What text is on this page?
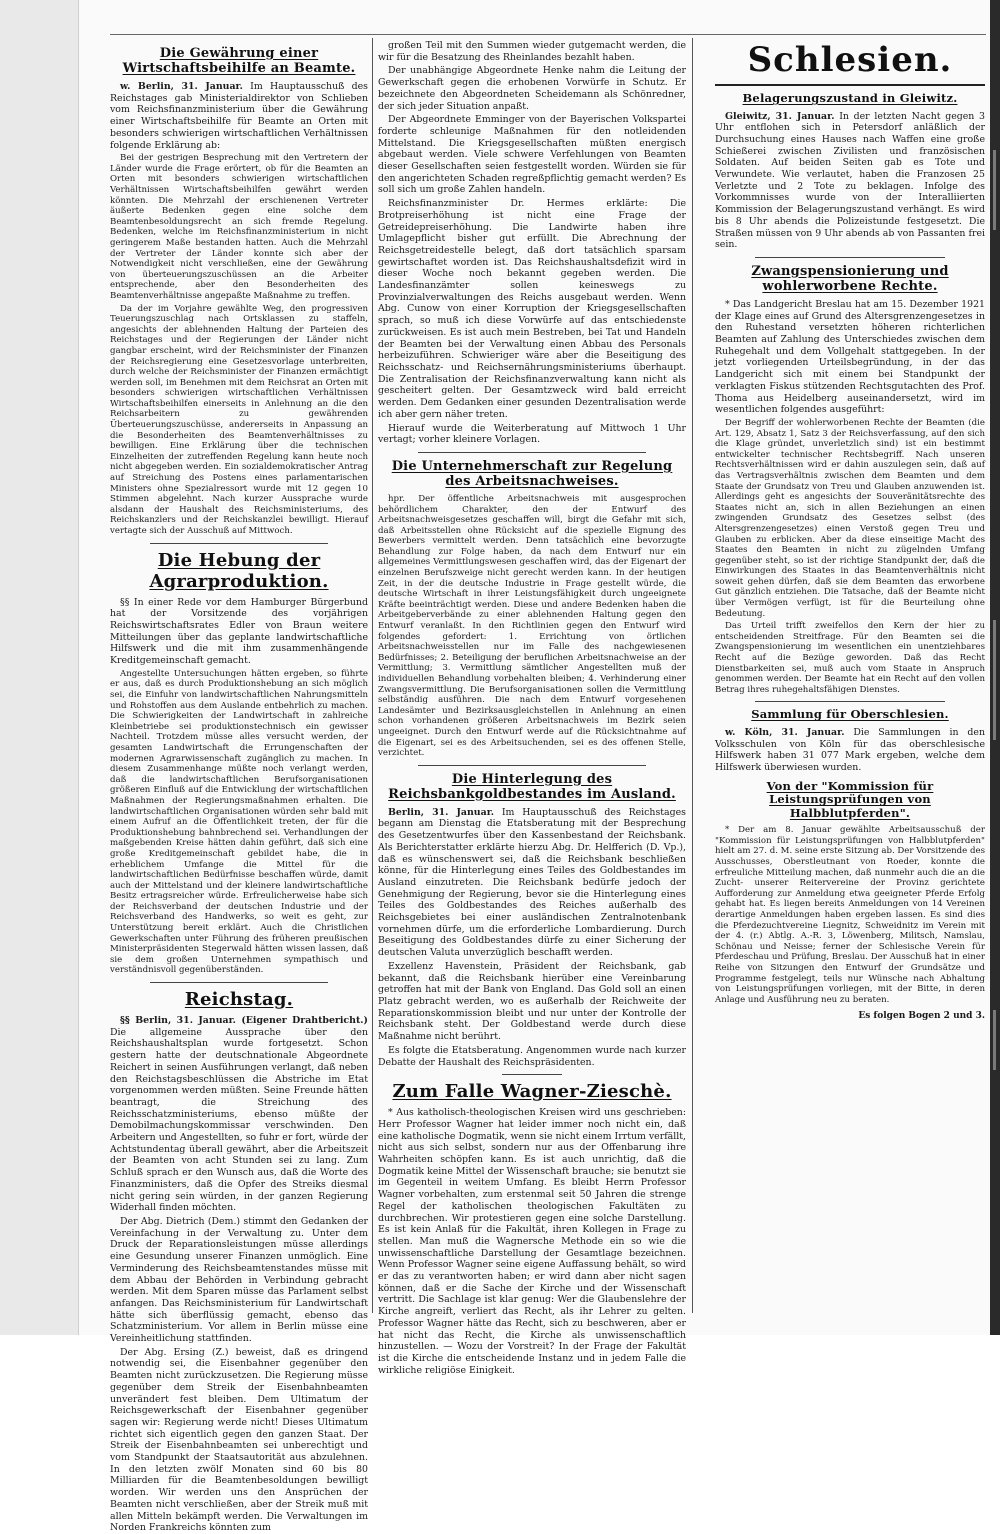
Die Gewährung einer Wirtschaftsbeihilfe an Beamte.

w. Berlin, 31. Januar. Im Hauptausschuß des Reichstages gab Ministerialdirektor von Schlieben vom Reichsfinanzministerium über die Gewährung einer Wirtschaftsbeihilfe für Beamte an Orten mit besonders schwierigen wirtschaftlichen Verhältnissen folgende Erklärung ab:

Bei der gestrigen Besprechung mit den Vertretern der Länder wurde die Frage erörtert, ob für die Beamten an Orten mit besonders schwierigen wirtschaftlichen Verhältnissen Wirtschaftsbeihilfen gewährt werden könnten. Die Mehrzahl der erschienenen Vertreter äußerte Bedenken gegen eine solche dem Beamtenbesoldungsrecht an sich fremde Regelung. Bedenken, welche im Reichsfinanzministerium in nicht geringerem Maße bestanden hatten. Auch die Mehrzahl der Vertreter der Länder konnte sich aber der Notwendigkeit nicht verschließen, eine der Gewährung von überteuerungszuschüssen an die Arbeiter entsprechende, aber den Besonderheiten des Beamtenverhältnisse angepaßte Maßnahme zu treffen.

Da der im Vorjahre gewählte Weg, den progressiven Teuerungszuschlag nach Ortsklassen zu staffeln, angesichts der ablehnenden Haltung der Parteien des Reichstages und der Regierungen der Länder nicht gangbar erscheint, wird der Reichsminister der Finanzen der Reichsregierung eine Gesetzesvorlage unterbreiten, durch welche der Reichsminister der Finanzen ermächtigt werden soll, im Benehmen mit dem Reichsrat an Orten mit besonders schwierigen wirtschaftlichen Verhältnissen Wirtschaftsbeihilfen einerseits in Anlehnung an die den Reichsarbeitern zu gewährenden Überteuerungszuschüsse, andererseits in Anpassung an die Besonderheiten des Beamtenverhältnisses zu bewilligen. Eine Erklärung über die technischen Einzelheiten der zutreffenden Regelung kann heute noch nicht abgegeben werden. Ein sozialdemokratischer Antrag auf Streichung des Postens eines parlamentarischen Ministers ohne Spezialressort wurde mit 12 gegen 10 Stimmen abgelehnt. Nach kurzer Aussprache wurde alsdann der Haushalt des Reichsministeriums, des Reichskanzlers und der Reichskanzlei bewilligt. Hierauf vertagte sich der Ausschuß auf Mittwoch.

Die Hebung der Agrarproduktion.

§§ In einer Rede vor dem Hamburger Bürgerbund hat der Vorsitzende des vorjährigen Reichswirtschaftsrates Edler von Braun weitere Mitteilungen über das geplante landwirtschaftliche Hilfswerk und die mit ihm zusammenhängende Kreditgemeinschaft gemacht.

Angestellte Untersuchungen hätten ergeben, so führte er aus, daß es durch Produktionshebung an sich möglich sei, die Einfuhr von landwirtschaftlichen Nahrungsmitteln und Rohstoffen aus dem Auslande entbehrlich zu machen. Die Schwierigkeiten der Landwirtschaft in zahlreiche Kleinbetriebe sei produktionstechnisch ein gewisser Nachteil. Trotzdem müsse alles versucht werden, der gesamten Landwirtschaft die Errungenschaften der modernen Agrarwissenschaft zugänglich zu machen. In diesem Zusammenhange müßte noch verlangt werden, daß die landwirtschaftlichen Berufsorganisationen größeren Einfluß auf die Entwicklung der wirtschaftlichen Maßnahmen der Regierungsmaßnahmen erhalten. Die landwirtschaftlichen Organisationen würden sehr bald mit einem Aufruf an die Öffentlichkeit treten, der für die Produktionshebung bahnbrechend sei. Verhandlungen der maßgebenden Kreise hätten dahin geführt, daß sich eine große Kreditgemeinschaft gebildet habe, die in erheblichem Umfange die Mittel für die landwirtschaftlichen Bedürfnisse beschaffen würde, damit auch der Mittelstand und der kleinere landwirtschaftliche Besitz ertragsreicher würde. Erfreulicherweise habe sich der Reichsverband der deutschen Industrie und der Reichsverband des Handwerks, so weit es geht, zur Unterstützung bereit erklärt. Auch die Christlichen Gewerkschaften unter Führung des früheren preußischen Ministerpräsidenten Stegerwald hätten wissen lassen, daß sie dem großen Unternehmen sympathisch und verständnisvoll gegenüberständen.

Reichstag.

§§ Berlin, 31. Januar. (Eigener Drahtbericht.) Die allgemeine Aussprache über den Reichshaushaltsplan wurde fortgesetzt. Schon gestern hatte der deutschnationale Abgeordnete Reichert in seinen Ausführungen verlangt, daß neben den Reichstagsbeschlüssen die Abstriche im Etat vorgenommen werden müßten. Seine Freunde hätten beantragt, die Streichung des Reichsschatzministeriums, ebenso müßte der Demobilmachungskommissar verschwinden. Den Arbeitern und Angestellten, so fuhr er fort, würde der Achtstundentag überall gewährt, aber die Arbeitszeit der Beamten von acht Stunden sei zu lang. Zum Schluß sprach er den Wunsch aus, daß die Worte des Finanzministers, daß die Opfer des Streiks diesmal nicht gering sein würden, in der ganzen Regierung Widerhall finden möchten.

Der Abg. Dietrich (Dem.) stimmt den Gedanken der Vereinfachung in der Verwaltung zu. Unter dem Druck der Reparationsleistungen müsse allerdings eine Gesundung unserer Finanzen unmöglich. Eine Verminderung des Reichsbeamtenstandes müsse mit dem Abbau der Behörden in Verbindung gebracht werden. Mit dem Sparen müsse das Parlament selbst anfangen. Das Reichsministerium für Landwirtschaft hätte sich überflüssig gemacht, ebenso das Schatzministerium. Vor allem in Berlin müsse eine Vereinheitlichung stattfinden.

Der Abg. Ersing (Z.) beweist, daß es dringend notwendig sei, die Eisenbahner gegenüber den Beamten nicht zurückzusetzen. Die Regierung müsse gegenüber dem Streik der Eisenbahnbeamten unverändert fest bleiben. Dem Ultimatum der Reichsgewerkschaft der Eisenbahner gegenüber sagen wir: Regierung werde nicht! Dieses Ultimatum richtet sich eigentlich gegen den ganzen Staat. Der Streik der Eisenbahnbeamten sei unberechtigt und vom Standpunkt der Staatsautorität aus abzulehnen. In den letzten zwölf Monaten sind 60 bis 80 Milliarden für die Beamtenbesoldungen bewilligt worden. Wir werden uns den Ansprüchen der Beamten nicht verschließen, aber der Streik muß mit allen Mitteln bekämpft werden. Die Verwaltungen im Norden Frankreichs könnten zum

großen Teil mit den Summen wieder gutgemacht werden, die wir für die Besatzung des Rheinlandes bezahlt haben.

Der unabhängige Abgeordnete Henke nahm die Leitung der Gewerkschaft gegen die erhobenen Vorwürfe in Schutz. Er bezeichnete den Abgeordneten Scheidemann als Schönredner, der sich jeder Situation anpaßt.

Der Abgeordnete Emminger von der Bayerischen Volkspartei forderte schleunige Maßnahmen für den notleidenden Mittelstand. Die Kriegsgesellschaften müßten energisch abgebaut werden. Viele schwere Verfehlungen von Beamten dieser Gesellschaften seien festgestellt worden. Würden sie für den angerichteten Schaden regreßpflichtig gemacht werden? Es soll sich um große Zahlen handeln.

Reichsfinanzminister Dr. Hermes erklärte: Die Brotpreiserhöhung ist nicht eine Frage der Getreidepreiserhöhung. Die Landwirte haben ihre Umlagepflicht bisher gut erfüllt. Die Abrechnung der Reichsgetreidestelle belegt, daß dort tatsächlich sparsam gewirtschaftet worden ist. Das Reichshaushaltsdefizit wird in dieser Woche noch bekannt gegeben werden. Die Landesfinanzämter sollen keineswegs zu Provinzialverwaltungen des Reichs ausgebaut werden. Wenn Abg. Cunow von einer Korruption der Kriegsgesellschaften sprach, so muß ich diese Vorwürfe auf das entschiedenste zurückweisen. Es ist auch mein Bestreben, bei Tat und Handeln der Beamten bei der Verwaltung einen Abbau des Personals herbeizuführen. Schwieriger wäre aber die Beseitigung des Reichsschatz- und Reichsernährungsministeriums überhaupt. Die Zentralisation der Reichsfinanzverwaltung kann nicht als gescheitert gelten. Der Gesamtzweck wird bald erreicht werden. Dem Gedanken einer gesunden Dezentralisation werde ich aber gern näher treten.

Hierauf wurde die Weiterberatung auf Mittwoch 1 Uhr vertagt; vorher kleinere Vorlagen.

Die Unternehmerschaft zur Regelung des Arbeitsnachweises.

hpr. Der öffentliche Arbeitsnachweis mit ausgesprochen behördlichem Charakter, den der Entwurf des Arbeitsnachweisgesetzes geschaffen will, birgt die Gefahr mit sich, daß Arbeitsstellen ohne Rücksicht auf die spezielle Eignung des Bewerbers vermittelt werden. Denn tatsächlich eine bevorzugte Behandlung zur Folge haben, da nach dem Entwurf nur ein allgemeines Vermittlungswesen geschaffen wird, das der Eigenart der einzelnen Berufszweige nicht gerecht werden kann. In der heutigen Zeit, in der die deutsche Industrie in Frage gestellt würde, die deutsche Wirtschaft in ihrer Leistungsfähigkeit durch ungeeignete Kräfte beeinträchtigt werden. Diese und andere Bedenken haben die Arbeitgeberverbände zu einer ablehnenden Haltung gegen den Entwurf veranlaßt. In den Richtlinien gegen den Entwurf wird folgendes gefordert: 1. Errichtung von örtlichen Arbeitsnachweisstellen nur im Falle des nachgewiesenen Bedürfnisses; 2. Beteiligung der beruflichen Arbeitsnachweise an der Vermittlung; 3. Vermittlung sämtlicher Angestellten muß der individuellen Behandlung vorbehalten bleiben; 4. Verhinderung einer Zwangsvermittlung. Die Berufsorganisationen sollen die Vermittlung selbständig ausführen. Die nach dem Entwurf vorgesehenen Landesämter und Bezirksausgleichstellen in Anlehnung an einen schon vorhandenen größeren Arbeitsnachweis im Bezirk seien ungeeignet. Durch den Entwurf werde auf die Rücksichtnahme auf die Eigenart, sei es des Arbeitsuchenden, sei es des offenen Stelle, verzichtet.

Die Hinterlegung des Reichsbankgoldbestandes im Ausland.

Berlin, 31. Januar. Im Hauptausschuß des Reichstages begann am Dienstag die Etatsberatung mit der Besprechung des Gesetzentwurfes über den Kassenbestand der Reichsbank. Als Berichterstatter erklärte hierzu Abg. Dr. Helfferich (D. Vp.), daß es wünschenswert sei, daß die Reichsbank beschließen könne, für die Hinterlegung eines Teiles des Goldbestandes im Ausland einzutreten. Die Reichsbank bedürfe jedoch der Genehmigung der Regierung, bevor sie die Hinterlegung eines Teiles des Goldbestandes des Reiches außerhalb des Reichsgebietes bei einer ausländischen Zentralnotenbank vornehmen dürfe, um die erforderliche Lombardierung. Durch Beseitigung des Goldbestandes dürfe zu einer Sicherung der deutschen Valuta unverzüglich beschafft werden.

Exzellenz Havenstein, Präsident der Reichsbank, gab bekannt, daß die Reichsbank hierüber eine Vereinbarung getroffen hat mit der Bank von England. Das Gold soll an einen Platz gebracht werden, wo es außerhalb der Reichweite der Reparationskommission bleibt und nur unter der Kontrolle der Reichsbank steht. Der Goldbestand werde durch diese Maßnahme nicht berührt.

Es folgte die Etatsberatung. Angenommen wurde nach kurzer Debatte der Haushalt des Reichspräsidenten.

Zum Falle Wagner-Zieschè.

* Aus katholisch-theologischen Kreisen wird uns geschrieben: Herr Professor Wagner hat leider immer noch nicht ein, daß eine katholische Dogmatik, wenn sie nicht einem Irrtum verfällt, nicht aus sich selbst, sondern nur aus der Offenbarung ihre Wahrheiten schöpfen kann. Es ist auch unrichtig, daß die Dogmatik keine Mittel der Wissenschaft brauche; sie benutzt sie im Gegenteil in weitem Umfang. Es bleibt Herrn Professor Wagner vorbehalten, zum erstenmal seit 50 Jahren die strenge Regel der katholischen theologischen Fakultäten zu durchbrechen. Wir protestieren gegen eine solche Darstellung. Es ist kein Anlaß für die Fakultät, ihren Kollegen in Frage zu stellen. Man muß die Wagnersche Methode ein so wie die unwissenschaftliche Darstellung der Gesamtlage bezeichnen. Wenn Professor Wagner seine eigene Auffassung behält, so wird er das zu verantworten haben; er wird dann aber nicht sagen können, daß er die Sache der Kirche und der Wissenschaft vertritt. Die Sachlage ist klar genug: Wer die Glaubenslehre der Kirche angreift, verliert das Recht, als ihr Lehrer zu gelten. Professor Wagner hätte das Recht, sich zu beschweren, aber er hat nicht das Recht, die Kirche als unwissenschaftlich hinzustellen. — Wozu der Vorstreit? In der Frage der Fakultät ist die Kirche die entscheidende Instanz und in jedem Falle die wirkliche religiöse Einigkeit.

Schlesien.
Belagerungszustand in Gleiwitz.

Gleiwitz, 31. Januar. In der letzten Nacht gegen 3 Uhr entflohen sich in Petersdorf anläßlich der Durchsuchung eines Hauses nach Waffen eine große Schießerei zwischen Zivilisten und französischen Soldaten. Auf beiden Seiten gab es Tote und Verwundete. Wie verlautet, haben die Franzosen 25 Verletzte und 2 Tote zu beklagen. Infolge des Vorkommnisses wurde von der Interalliierten Kommission der Belagerungszustand verhängt. Es wird bis 8 Uhr abends die Polizeistunde festgesetzt. Die Straßen müssen von 9 Uhr abends ab von Passanten frei sein.

Zwangspensionierung und wohlerworbene Rechte.

* Das Landgericht Breslau hat am 15. Dezember 1921 der Klage eines auf Grund des Altersgrenzengesetzes in den Ruhestand versetzten höheren richterlichen Beamten auf Zahlung des Unterschiedes zwischen dem Ruhegehalt und dem Vollgehalt stattgegeben. In der jetzt vorliegenden Urteilsbegründung, in der das Landgericht sich mit einem bei Standpunkt der verklagten Fiskus stützenden Rechtsgutachten des Prof. Thoma aus Heidelberg auseinandersetzt, wird im wesentlichen folgendes ausgeführt:

Der Begriff der wohlerworbenen Rechte der Beamten (die Art. 129, Absatz 1, Satz 3 der Reichsverfassung, auf den sich die Klage gründet, unverletzlich sind) ist ein bestimmt entwickelter technischer Rechtsbegriff. Nach unseren Rechtsverhältnissen wird er dahin auszulegen sein, daß auf das Vertragsverhältnis zwischen dem Beamten und dem Staate der Grundsatz von Treu und Glauben anzuwenden ist. Allerdings geht es angesichts der Souveränitätsrechte des Staates nicht an, sich in allen Beziehungen an einen zwingenden Grundsatz des Gesetzes selbst (des Altersgrenzengesetzes) einen Verstoß gegen Treu und Glauben zu erblicken. Aber da diese einseitige Macht des Staates den Beamten in nicht zu zügelnden Umfang gegenüber steht, so ist der richtige Standpunkt der, daß die Einwirkungen des Staates in das Beamtenverhältnis nicht soweit gehen dürfen, daß sie dem Beamten das erworbene Gut gänzlich entziehen. Die Tatsache, daß der Beamte nicht über Vermögen verfügt, ist für die Beurteilung ohne Bedeutung.

Das Urteil trifft zweifellos den Kern der hier zu entscheidenden Streitfrage. Für den Beamten sei die Zwangspensionierung im wesentlichen ein unentziehbares Recht auf die Bezüge geworden. Daß das Recht Dienstbarkeiten sei, muß auch vom Staate in Anspruch genommen werden. Der Beamte hat ein Recht auf den vollen Betrag ihres ruhegehaltsfähigen Dienstes.

Sammlung für Oberschlesien.

w. Köln, 31. Januar. Die Sammlungen in den Volksschulen von Köln für das oberschlesische Hilfswerk haben 31 077 Mark ergeben, welche dem Hilfswerk überwiesen wurden.

Von der "Kommission für Leistungsprüfungen von Halbblutpferden".

* Der am 8. Januar gewählte Arbeitsausschuß der "Kommission für Leistungsprüfungen von Halbblutpferden" hielt am 27. d. M. seine erste Sitzung ab. Der Vorsitzende des Ausschusses, Oberstleutnant von Roeder, konnte die erfreuliche Mitteilung machen, daß nunmehr auch die an die Zucht- unserer Reitervereine der Provinz gerichtete Aufforderung zur Anmeldung etwa geeigneter Pferde Erfolg gehabt hat. Es liegen bereits Anmeldungen von 14 Vereinen derartige Anmeldungen haben ergeben lassen. Es sind dies die Pferdezuchtvereine Liegnitz, Schweidnitz im Verein mit der 4. (r.) Abtlg. A.-R. 3, Löwenberg, Militsch, Namslau, Schönau und Neisse; ferner der Schlesische Verein für Pferdeschau und Prüfung, Breslau. Der Ausschuß hat in einer Reihe von Sitzungen den Entwurf der Grundsätze und Programme festgelegt, teils nur Wünsche nach Abhaltung von Leistungsprüfungen vorliegen, mit der Bitte, in deren Anlage und Ausführung neu zu beraten.

Es folgen Bogen 2 und 3.
